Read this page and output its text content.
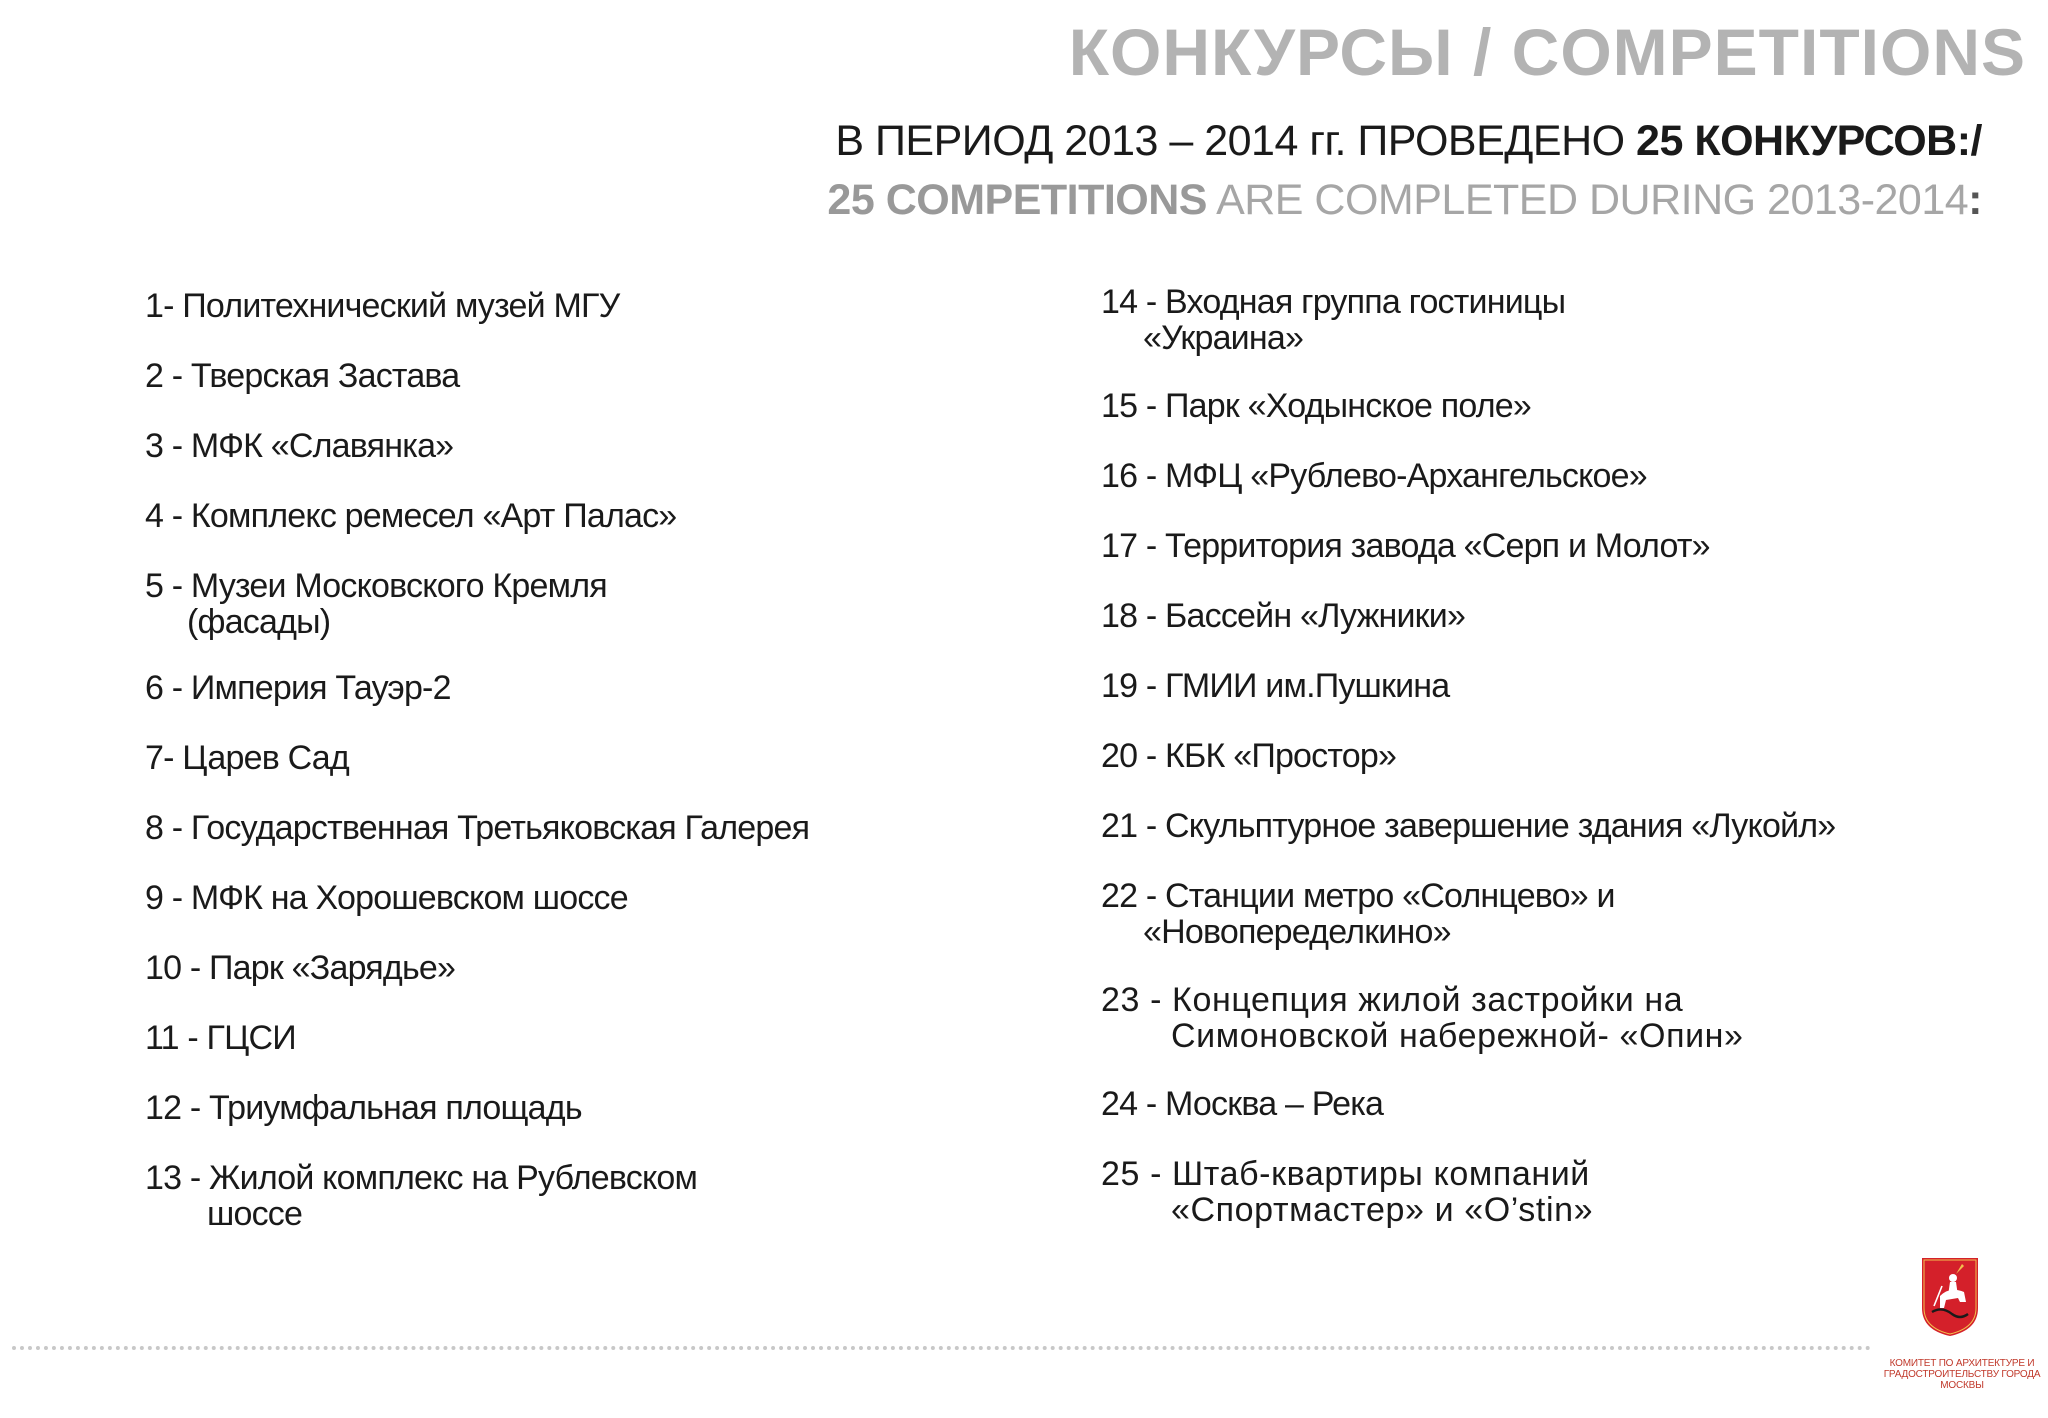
КОНКУРСЫ / COMPETITIONS

В ПЕРИОД 2013 – 2014 гг. ПРОВЕДЕНО 25 КОНКУРСОВ:/

25 COMPETITIONS ARE COMPLETED DURING 2013-2014:

1- Политехнический музей МГУ
2 - Тверская Застава
3 - МФК «Славянка»
4 - Комплекс ремесел «Арт Палас»
5 - Музеи Московского Кремля
(фасады)
6 - Империя Тауэр-2
7- Царев Сад
8 - Государственная Третьяковская Галерея
9 - МФК на Хорошевском шоссе
10 - Парк «Зарядье»
11 - ГЦСИ
12 - Триумфальная площадь
13 - Жилой комплекс на Рублевском
шоссе
14 - Входная группа гостиницы
«Украина»
15 - Парк «Ходынское поле»
16 - МФЦ «Рублево-Архангельское»
17 - Территория завода «Серп и Молот»
18 - Бассейн «Лужники»
19 - ГМИИ им.Пушкина
20 - КБК «Простор»
21 - Скульптурное завершение здания «Лукойл»
22 - Станции метро «Солнцево» и
«Новопеределкино»
23 - Концепция жилой застройки на
Симоновской набережной- «Опин»
24 - Москва – Река
25 - Штаб-квартиры компаний
«Спортмастер» и «O’stin»
КОМИТЕТ ПО АРХИТЕКТУРЕ И ГРАДОСТРОИТЕЛЬСТВУ ГОРОДА МОСКВЫ
